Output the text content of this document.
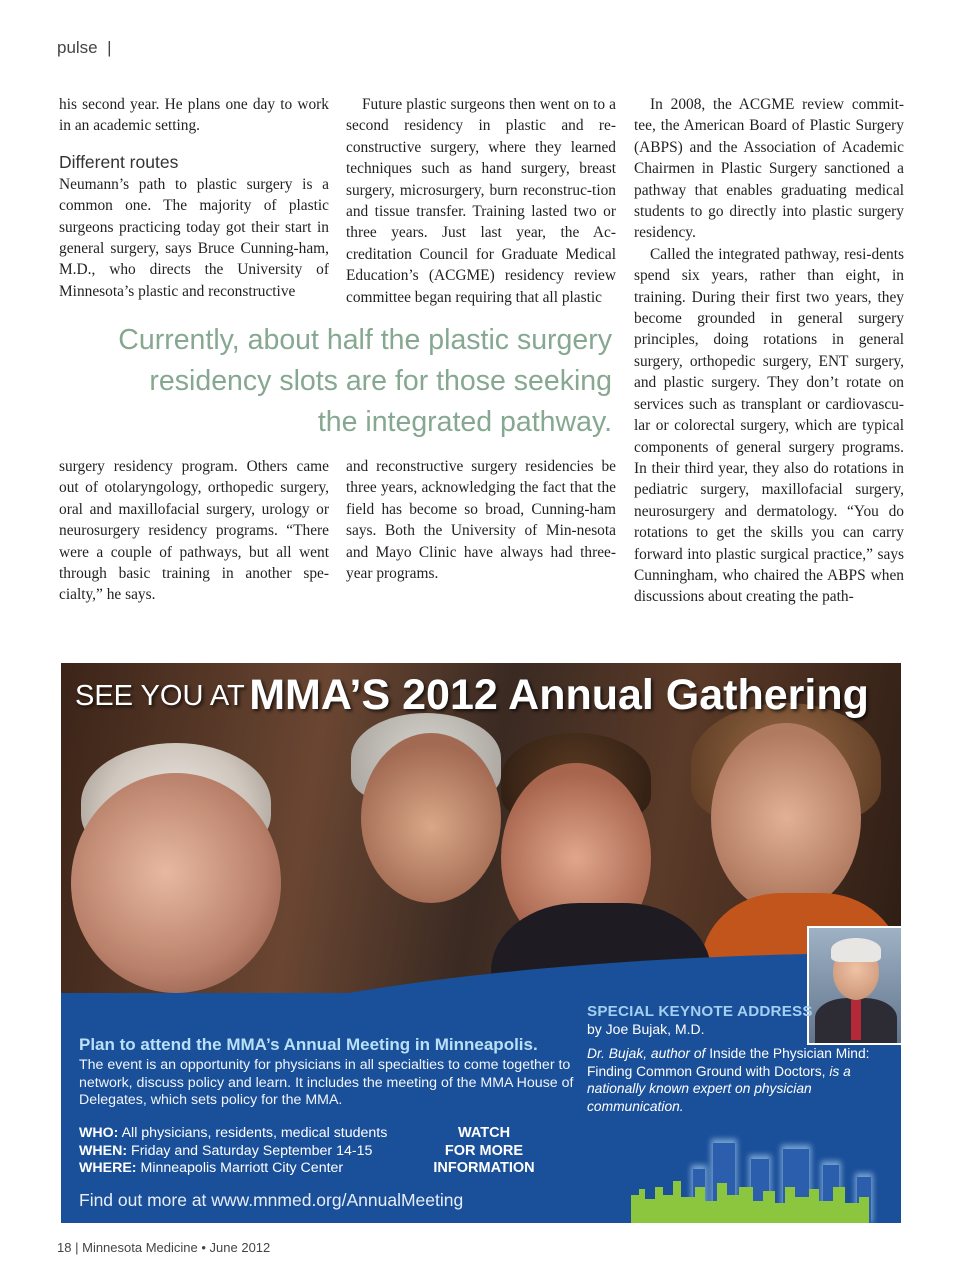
pulse |

his second year. He plans one day to work in an academic setting.

Different routes

Neumann’s path to plastic surgery is a common one. The majority of plastic surgeons practicing today got their start in general surgery, says Bruce Cunning-ham, M.D., who directs the University of Minnesota’s plastic and reconstructive

surgery residency program. Others came out of otolaryngology, orthopedic surgery, oral and maxillofacial surgery, urology or neurosurgery residency programs. “There were a couple of pathways, but all went through basic training in another spe-cialty,” he says.

Future plastic surgeons then went on to a second residency in plastic and re-constructive surgery, where they learned techniques such as hand surgery, breast surgery, microsurgery, burn reconstruc-tion and tissue transfer. Training lasted two or three years. Just last year, the Ac-creditation Council for Graduate Medical Education’s (ACGME) residency review committee began requiring that all plastic

and reconstructive surgery residencies be three years, acknowledging the fact that the field has become so broad, Cunning-ham says. Both the University of Min-nesota and Mayo Clinic have always had three-year programs.

In 2008, the ACGME review commit-tee, the American Board of Plastic Surgery (ABPS) and the Association of Academic Chairmen in Plastic Surgery sanctioned a pathway that enables graduating medical students to go directly into plastic surgery residency.

Called the integrated pathway, resi-dents spend six years, rather than eight, in training. During their first two years, they become grounded in general surgery principles, doing rotations in general surgery, orthopedic surgery, ENT surgery, and plastic surgery. They don’t rotate on services such as transplant or cardiovascu-lar or colorectal surgery, which are typical components of general surgery programs. In their third year, they also do rotations in pediatric surgery, maxillofacial surgery, neurosurgery and dermatology. “You do rotations to get the skills you can carry forward into plastic surgical practice,” says Cunningham, who chaired the ABPS when discussions about creating the path-

Currently, about half the plastic surgery
residency slots are for those seeking
the integrated pathway.
SEE YOU AT MMA’S 2012 Annual Gathering
SPECIAL KEYNOTE ADDRESS
by Joe Bujak, M.D.
Dr. Bujak, author of Inside the Physician Mind: Finding Common Ground with Doctors, is a nationally known expert on physician communication.
Plan to attend the MMA’s Annual Meeting in Minneapolis.
The event is an opportunity for physicians in all specialties to come together to network, discuss policy and learn. It includes the meeting of the MMA House of Delegates, which sets policy for the MMA.
WHO: All physicians, residents, medical students
WHEN: Friday and Saturday September 14-15
WHERE: Minneapolis Marriott City Center
WATCH
FOR MORE
INFORMATION
Find out more at www.mnmed.org/AnnualMeeting
18 | Minnesota Medicine • June 2012
